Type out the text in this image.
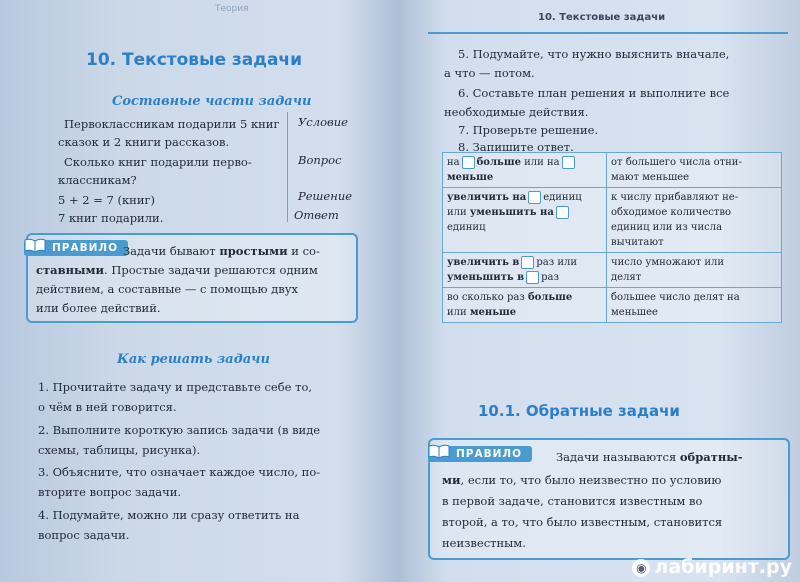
Теория
10. Текстовые задачи
Составные части задачи
Первоклассникам подарили 5 книг
сказок и 2 книги рассказов.
Сколько книг подарили перво-
классникам?
5 + 2 = 7 (книг)
7 книг подарили.
Условие
Вопрос
Решение
Ответ
ПРАВИЛО Задачи бывают простыми и со-
ставными. Простые задачи решаются одним
действием, а составные — с помощью двух
или более действий.
Как решать задачи
1. Прочитайте задачу и представьте себе то,
о чём в ней говорится.
2. Выполните короткую запись задачи (в виде
схемы, таблицы, рисунка).
3. Объясните, что означает каждое число, по-
вторите вопрос задачи.
4. Подумайте, можно ли сразу ответить на
вопрос задачи.
10. Текстовые задачи
5. Подумайте, что нужно выяснить вначале,
а что — потом.
6. Составьте план решения и выполните все
необходимые действия.
7. Проверьте решение.
8. Запишите ответ.
на больше или на
меньше	от большего числа отни-
мают меньшее
увеличить на единиц
или уменьшить на
единиц	к числу прибавляют не-
обходимое количество
единиц или из числа
вычитают
увеличить в раз или
уменьшить в раз	число умножают или
делят
во сколько раз больше
или меньше	большее число делят на
меньшее
10.1. Обратные задачи
ПРАВИЛО	Задачи называются обратны-
ми, если то, что было неизвестно по условию
в первой задаче, становится известным во
второй, а то, что было известным, становится
неизвестным.
◉ лабиринт.ру
